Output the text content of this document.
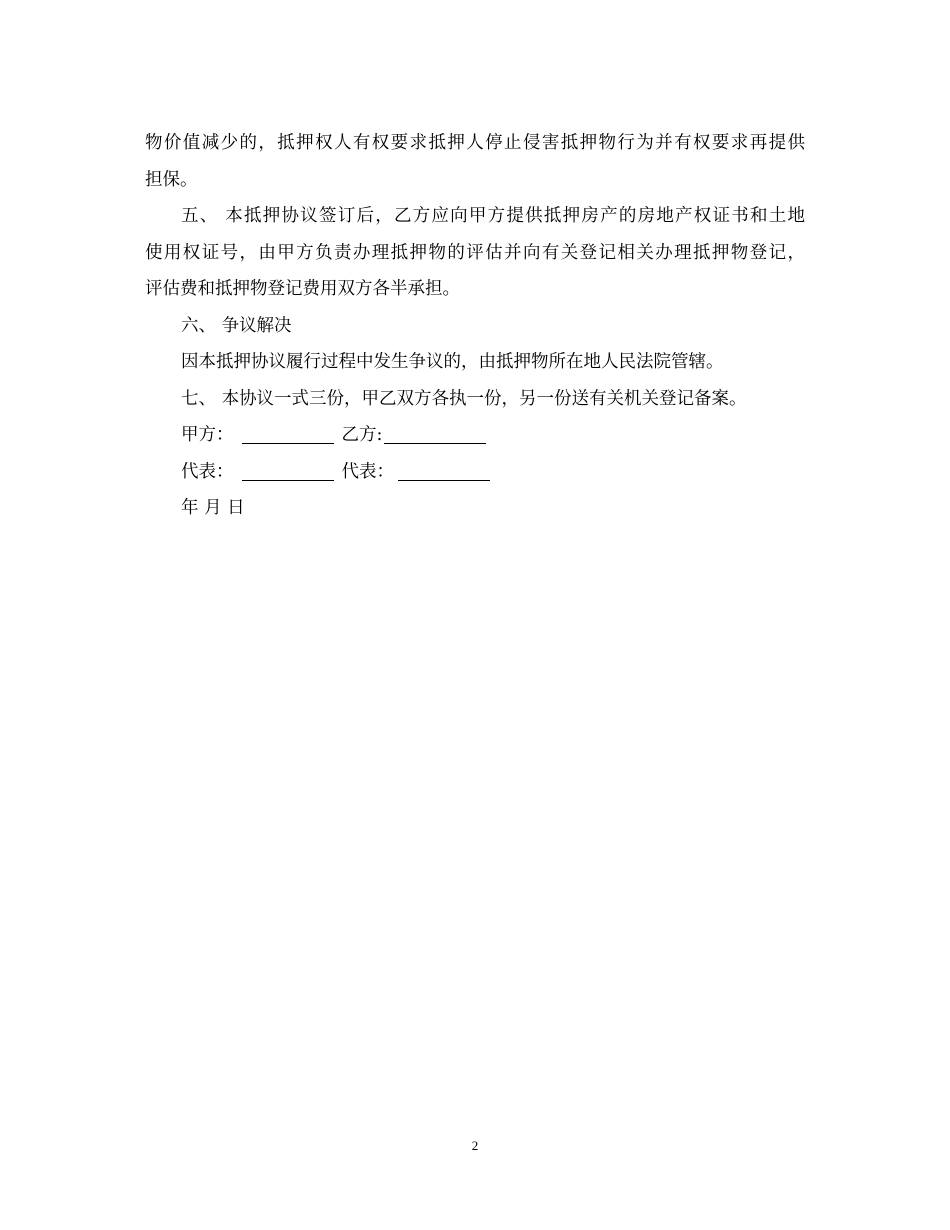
物价值减少的，抵押权人有权要求抵押人停止侵害抵押物行为并有权要求再提供
担保。
五、 本抵押协议签订后，乙方应向甲方提供抵押房产的房地产权证书和土地
使用权证号，由甲方负责办理抵押物的评估并向有关登记相关办理抵押物登记，
评估费和抵押物登记费用双方各半承担。
六、 争议解决
因本抵押协议履行过程中发生争议的，由抵押物所在地人民法院管辖。
七、 本协议一式三份，甲乙双方各执一份，另一份送有关机关登记备案。
甲方：	乙方:
代表：	代表：
年 月 日
2
